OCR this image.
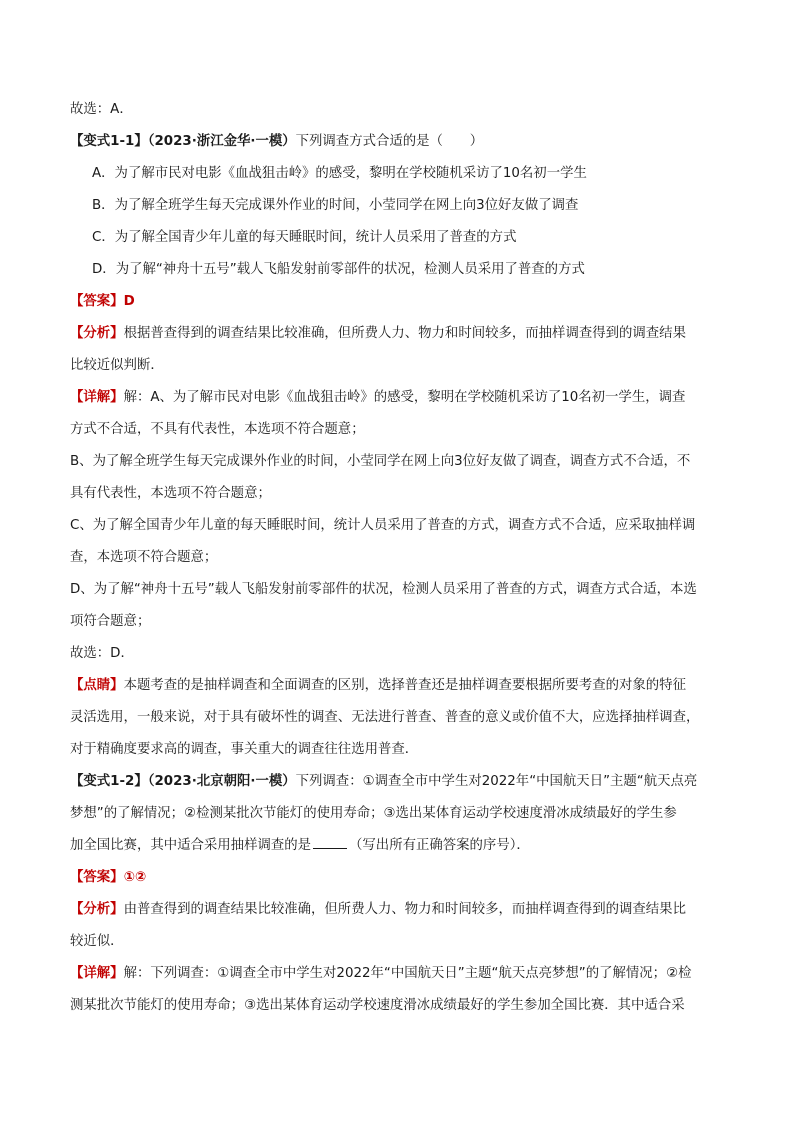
故选：A．
【变式1-1】（2023·浙江金华·一模）下列调查方式合适的是（　　）
A．为了解市民对电影《血战狙击岭》的感受，黎明在学校随机采访了10名初一学生
B．为了解全班学生每天完成课外作业的时间，小莹同学在网上向3位好友做了调查
C．为了解全国青少年儿童的每天睡眠时间，统计人员采用了普查的方式
D．为了解“神舟十五号”载人飞船发射前零部件的状况，检测人员采用了普查的方式
【答案】D
【分析】根据普查得到的调查结果比较准确，但所费人力、物力和时间较多，而抽样调查得到的调查结果
比较近似判断．
【详解】解：A、为了解市民对电影《血战狙击岭》的感受，黎明在学校随机采访了10名初一学生，调查
方式不合适，不具有代表性，本选项不符合题意；
B、为了解全班学生每天完成课外作业的时间，小莹同学在网上向3位好友做了调查，调查方式不合适，不
具有代表性，本选项不符合题意；
C、为了解全国青少年儿童的每天睡眠时间，统计人员采用了普查的方式，调查方式不合适，应采取抽样调
查，本选项不符合题意；
D、为了解“神舟十五号”载人飞船发射前零部件的状况，检测人员采用了普查的方式，调查方式合适，本选
项符合题意；
故选：D．
【点睛】本题考查的是抽样调查和全面调查的区别，选择普查还是抽样调查要根据所要考查的对象的特征
灵活选用，一般来说，对于具有破坏性的调查、无法进行普查、普查的意义或价值不大，应选择抽样调查，
对于精确度要求高的调查，事关重大的调查往往选用普查．
【变式1-2】（2023·北京朝阳·一模）下列调查：①调查全市中学生对2022年“中国航天日”主题“航天点亮
梦想”的了解情况；②检测某批次节能灯的使用寿命；③选出某体育运动学校速度滑冰成绩最好的学生参
加全国比赛，其中适合采用抽样调查的是	（写出所有正确答案的序号）．
【答案】①②
【分析】由普查得到的调查结果比较准确，但所费人力、物力和时间较多，而抽样调查得到的调查结果比
较近似．
【详解】解：下列调查：①调查全市中学生对2022年“中国航天日”主题“航天点亮梦想”的了解情况；②检
测某批次节能灯的使用寿命；③选出某体育运动学校速度滑冰成绩最好的学生参加全国比赛．其中适合采
